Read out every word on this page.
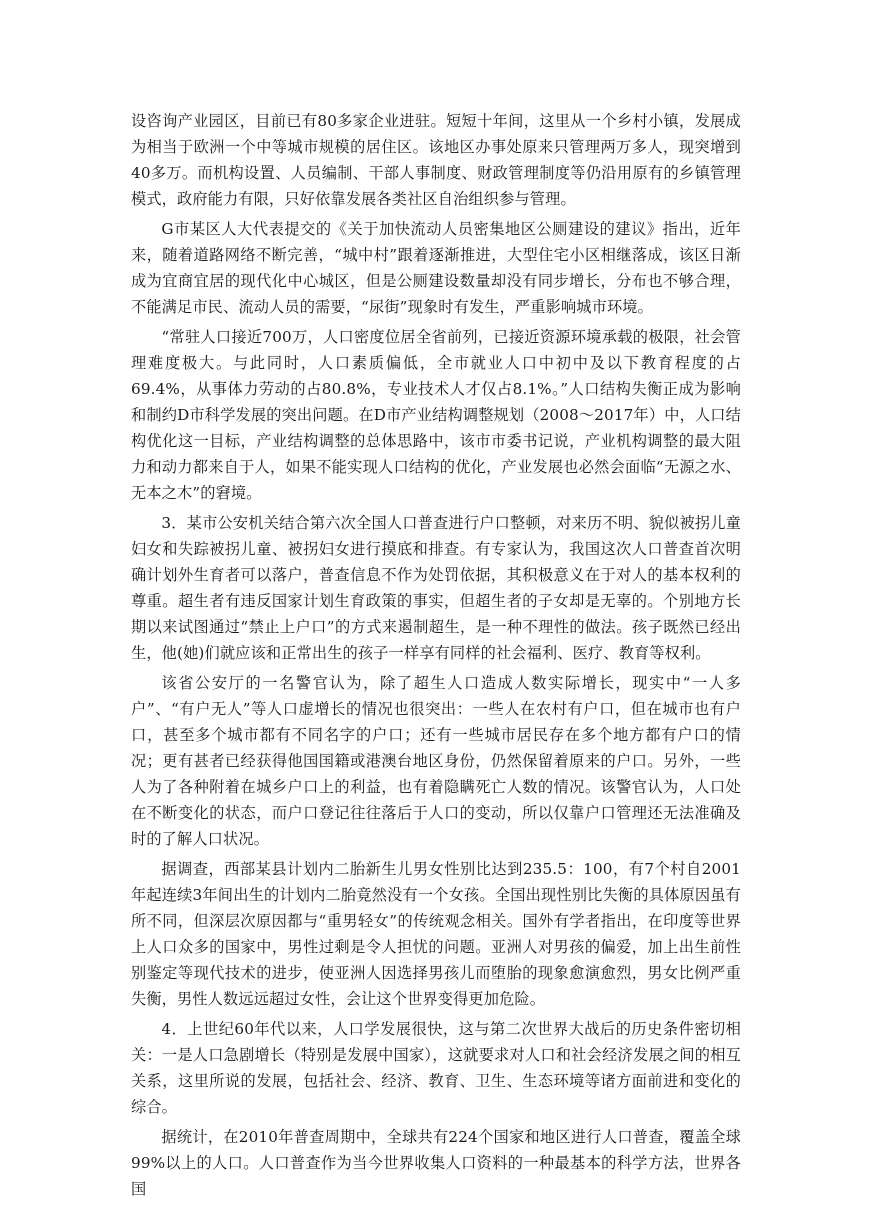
设咨询产业园区，目前已有80多家企业进驻。短短十年间，这里从一个乡村小镇，发展成为相当于欧洲一个中等城市规模的居住区。该地区办事处原来只管理两万多人，现突增到40多万。而机构设置、人员编制、干部人事制度、财政管理制度等仍沿用原有的乡镇管理模式，政府能力有限，只好依靠发展各类社区自治组织参与管理。

G市某区人大代表提交的《关于加快流动人员密集地区公厕建设的建议》指出，近年来，随着道路网络不断完善，“城中村”跟着逐渐推进，大型住宅小区相继落成，该区日渐成为宜商宜居的现代化中心城区，但是公厕建设数量却没有同步增长，分布也不够合理，不能满足市民、流动人员的需要，“尿街”现象时有发生，严重影响城市环境。

“常驻人口接近700万，人口密度位居全省前列，已接近资源环境承载的极限，社会管理难度极大。与此同时，人口素质偏低，全市就业人口中初中及以下教育程度的占69.4%，从事体力劳动的占80.8%，专业技术人才仅占8.1%。”人口结构失衡正成为影响和制约D市科学发展的突出问题。在D市产业结构调整规划（2008～2017年）中，人口结构优化这一目标，产业结构调整的总体思路中，该市市委书记说，产业机构调整的最大阻力和动力都来自于人，如果不能实现人口结构的优化，产业发展也必然会面临“无源之水、无本之木”的窘境。

3．某市公安机关结合第六次全国人口普查进行户口整顿，对来历不明、貌似被拐儿童妇女和失踪被拐儿童、被拐妇女进行摸底和排查。有专家认为，我国这次人口普查首次明确计划外生育者可以落户，普查信息不作为处罚依据，其积极意义在于对人的基本权利的尊重。超生者有违反国家计划生育政策的事实，但超生者的子女却是无辜的。个别地方长期以来试图通过“禁止上户口”的方式来遏制超生，是一种不理性的做法。孩子既然已经出生，他(她)们就应该和正常出生的孩子一样享有同样的社会福利、医疗、教育等权利。

该省公安厅的一名警官认为，除了超生人口造成人数实际增长，现实中“一人多户”、“有户无人”等人口虚增长的情况也很突出：一些人在农村有户口，但在城市也有户口，甚至多个城市都有不同名字的户口；还有一些城市居民存在多个地方都有户口的情况；更有甚者已经获得他国国籍或港澳台地区身份，仍然保留着原来的户口。另外，一些人为了各种附着在城乡户口上的利益，也有着隐瞒死亡人数的情况。该警官认为，人口处在不断变化的状态，而户口登记往往落后于人口的变动，所以仅靠户口管理还无法准确及时的了解人口状况。

据调查，西部某县计划内二胎新生儿男女性别比达到235.5：100，有7个村自2001年起连续3年间出生的计划内二胎竟然没有一个女孩。全国出现性别比失衡的具体原因虽有所不同，但深层次原因都与“重男轻女”的传统观念相关。国外有学者指出，在印度等世界上人口众多的国家中，男性过剩是令人担忧的问题。亚洲人对男孩的偏爱，加上出生前性别鉴定等现代技术的进步，使亚洲人因选择男孩儿而堕胎的现象愈演愈烈，男女比例严重失衡，男性人数远远超过女性，会让这个世界变得更加危险。

4．上世纪60年代以来，人口学发展很快，这与第二次世界大战后的历史条件密切相关：一是人口急剧增长（特别是发展中国家），这就要求对人口和社会经济发展之间的相互关系，这里所说的发展，包括社会、经济、教育、卫生、生态环境等诸方面前进和变化的综合。

据统计，在2010年普查周期中，全球共有224个国家和地区进行人口普查，覆盖全球99%以上的人口。人口普查作为当今世界收集人口资料的一种最基本的科学方法，世界各国
